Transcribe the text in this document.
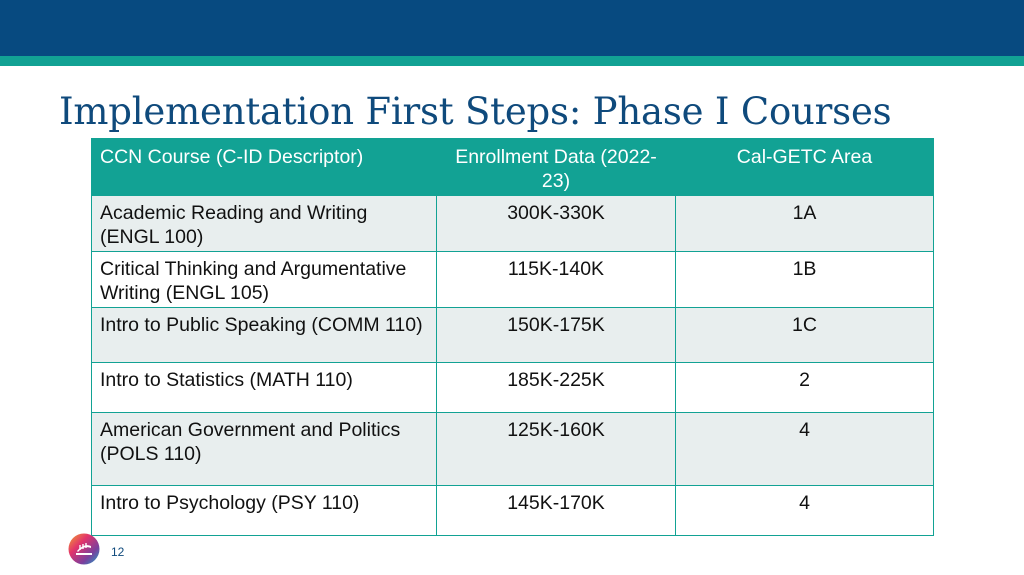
Implementation First Steps: Phase I Courses
CCN Course (C-ID Descriptor)	Enrollment Data (2022-23)	Cal-GETC Area
Academic Reading and Writing (ENGL 100)	300K-330K	1A
Critical Thinking and Argumentative Writing (ENGL 105)	115K-140K	1B
Intro to Public Speaking (COMM 110)	150K-175K	1C
Intro to Statistics (MATH 110)	185K-225K	2
American Government and Politics (POLS 110)	125K-160K	4
Intro to Psychology (PSY 110)	145K-170K	4
12
